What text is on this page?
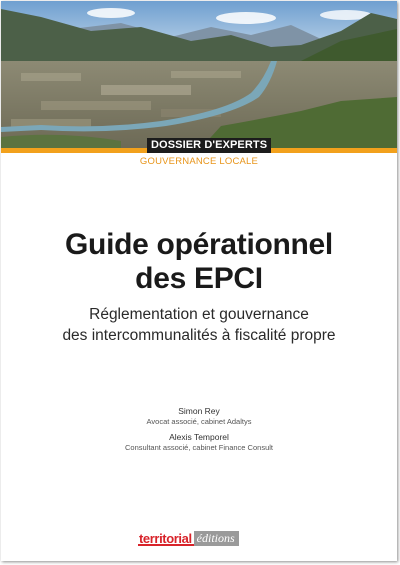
DOSSIER D'EXPERTS
GOUVERNANCE LOCALE
Guide opérationnel
des EPCI
Réglementation et gouvernance
des intercommunalités à fiscalité propre
Simon Rey
Avocat associé, cabinet Adaltys
Alexis Temporel
Consultant associé, cabinet Finance Consult
territorial éditions
